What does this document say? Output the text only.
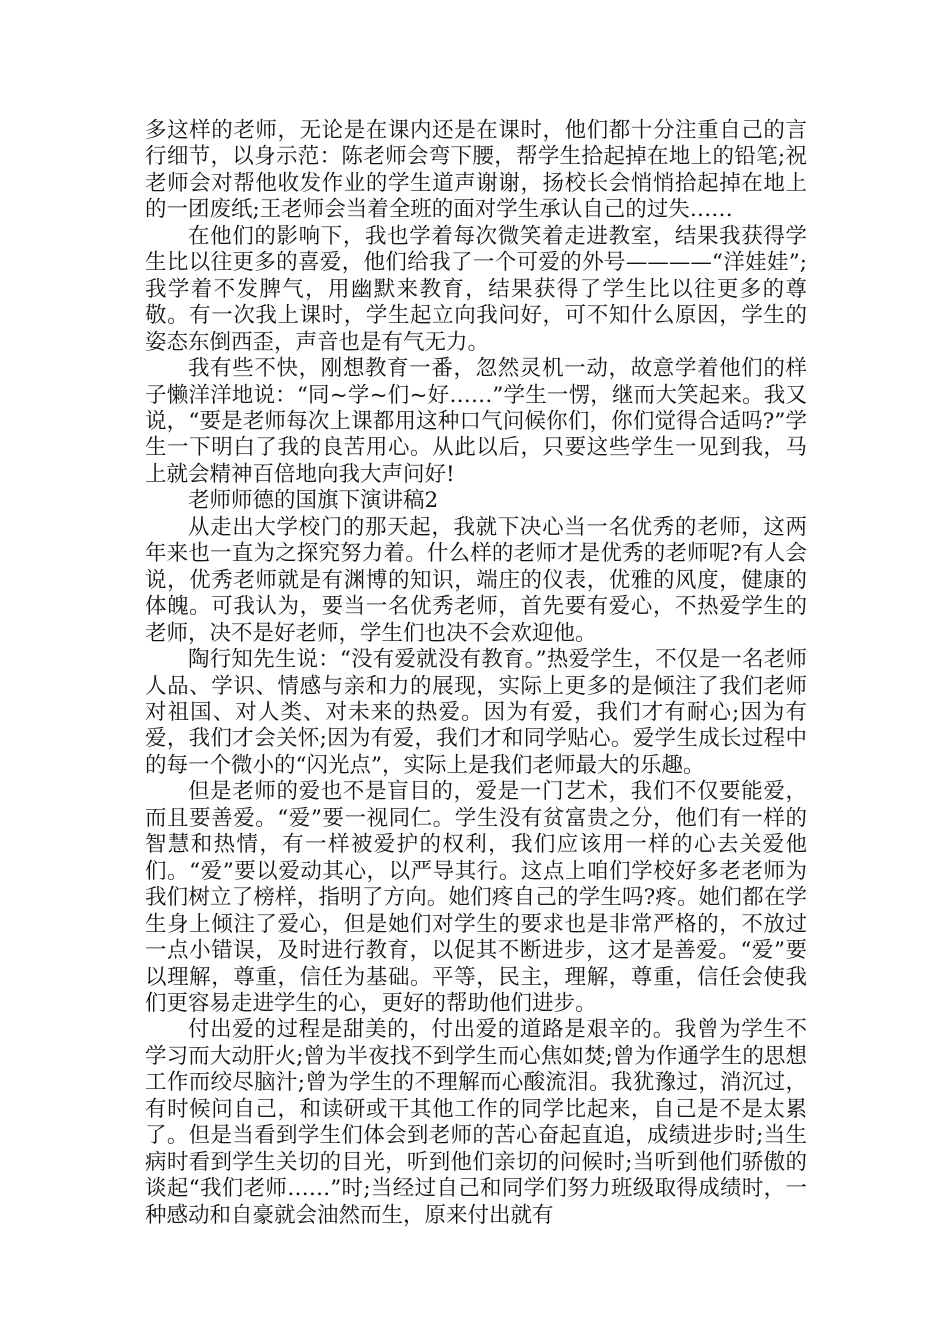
多这样的老师，无论是在课内还是在课时，他们都十分注重自己的言行细节，以身示范：陈老师会弯下腰，帮学生拾起掉在地上的铅笔;祝老师会对帮他收发作业的学生道声谢谢，扬校长会悄悄拾起掉在地上的一团废纸;王老师会当着全班的面对学生承认自己的过失……

在他们的影响下，我也学着每次微笑着走进教室，结果我获得学生比以往更多的喜爱，他们给我了一个可爱的外号————“洋娃娃”;我学着不发脾气，用幽默来教育，结果获得了学生比以往更多的尊敬。有一次我上课时，学生起立向我问好，可不知什么原因，学生的姿态东倒西歪，声音也是有气无力。

我有些不快，刚想教育一番，忽然灵机一动，故意学着他们的样子懒洋洋地说：“同~学~们~好……”学生一愣，继而大笑起来。我又说，“要是老师每次上课都用这种口气问候你们，你们觉得合适吗?”学生一下明白了我的良苦用心。从此以后，只要这些学生一见到我，马上就会精神百倍地向我大声问好!

老师师德的国旗下演讲稿2

从走出大学校门的那天起，我就下决心当一名优秀的老师，这两年来也一直为之探究努力着。什么样的老师才是优秀的老师呢?有人会说，优秀老师就是有渊博的知识，端庄的仪表，优雅的风度，健康的体魄。可我认为，要当一名优秀老师，首先要有爱心，不热爱学生的老师，决不是好老师，学生们也决不会欢迎他。

陶行知先生说：“没有爱就没有教育。”热爱学生，不仅是一名老师人品、学识、情感与亲和力的展现，实际上更多的是倾注了我们老师对祖国、对人类、对未来的热爱。因为有爱，我们才有耐心;因为有爱，我们才会关怀;因为有爱，我们才和同学贴心。爱学生成长过程中的每一个微小的“闪光点”，实际上是我们老师最大的乐趣。

但是老师的爱也不是盲目的，爱是一门艺术，我们不仅要能爱，而且要善爱。“爱”要一视同仁。学生没有贫富贵之分，他们有一样的智慧和热情，有一样被爱护的权利，我们应该用一样的心去关爱他们。“爱”要以爱动其心，以严导其行。这点上咱们学校好多老老师为我们树立了榜样，指明了方向。她们疼自己的学生吗?疼。她们都在学生身上倾注了爱心，但是她们对学生的要求也是非常严格的，不放过一点小错误，及时进行教育，以促其不断进步，这才是善爱。“爱”要以理解，尊重，信任为基础。平等，民主，理解，尊重，信任会使我们更容易走进学生的心，更好的帮助他们进步。

付出爱的过程是甜美的，付出爱的道路是艰辛的。我曾为学生不学习而大动肝火;曾为半夜找不到学生而心焦如焚;曾为作通学生的思想工作而绞尽脑汁;曾为学生的不理解而心酸流泪。我犹豫过，消沉过，有时候问自己，和读研或干其他工作的同学比起来，自己是不是太累了。但是当看到学生们体会到老师的苦心奋起直追，成绩进步时;当生病时看到学生关切的目光，听到他们亲切的问候时;当听到他们骄傲的谈起“我们老师……”时;当经过自己和同学们努力班级取得成绩时，一种感动和自豪就会油然而生，原来付出就有
